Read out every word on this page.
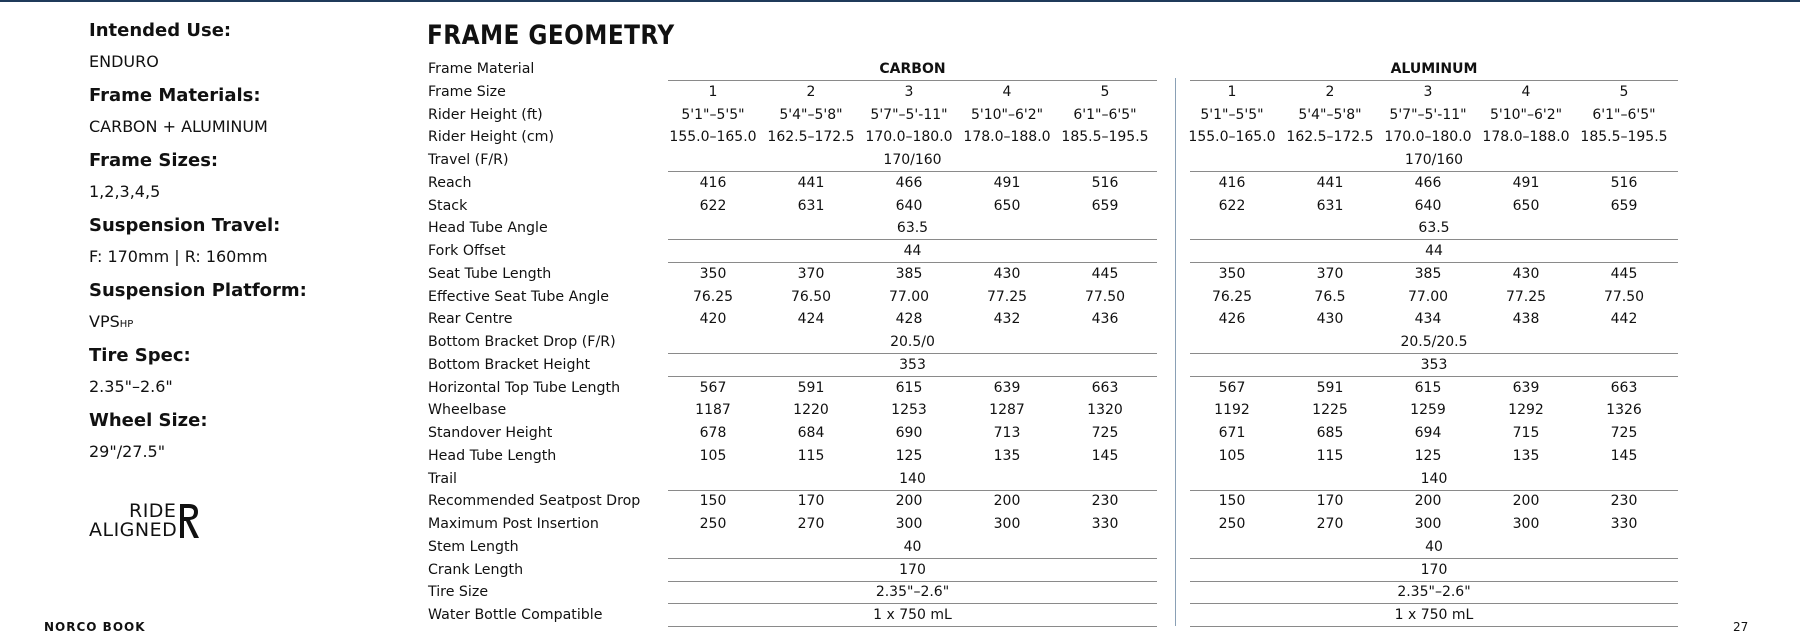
Intended Use:
ENDURO
Frame Materials:
CARBON + ALUMINUM
Frame Sizes:
1,2,3,4,5
Suspension Travel:
F: 170mm | R: 160mm
Suspension Platform:
VPSHP
Tire Spec:
2.35"–2.6"
Wheel Size:
29"/27.5"
RIDE
ALIGNED
NORCO BOOK	27
FRAME GEOMETRY
Frame Material	CARBON	ALUMINUM
Frame Size	1	2	3	4	5	1	2	3	4	5
Rider Height (ft)	5'1"–5'5"	5'4"–5'8"	5'7"–5'-11"	5'10"–6'2"	6'1"–6'5"	5'1"–5'5"	5'4"–5'8"	5'7"–5'-11"	5'10"–6'2"	6'1"–6'5"
Rider Height (cm)	155.0–165.0 162.5–172.5 170.0–180.0 178.0–188.0 185.5–195.5	155.0–165.0 162.5–172.5 170.0–180.0 178.0–188.0 185.5–195.5
Travel (F/R)	170/160	170/160
Reach	416	441	466	491	516	416	441	466	491	516
Stack	622	631	640	650	659	622	631	640	650	659
Head Tube Angle	63.5	63.5
Fork Offset	44	44
Seat Tube Length	350	370	385	430	445	350	370	385	430	445
Effective Seat Tube Angle	76.25	76.50	77.00	77.25	77.50	76.25	76.5	77.00	77.25	77.50
Rear Centre	420	424	428	432	436	426	430	434	438	442
Bottom Bracket Drop (F/R)	20.5/0	20.5/20.5
Bottom Bracket Height	353	353
Horizontal Top Tube Length	567	591	615	639	663	567	591	615	639	663
Wheelbase	1187	1220	1253	1287	1320	1192	1225	1259	1292	1326
Standover Height	678	684	690	713	725	671	685	694	715	725
Head Tube Length	105	115	125	135	145	105	115	125	135	145
Trail	140	140
Recommended Seatpost Drop	150	170	200	200	230	150	170	200	200	230
Maximum Post Insertion	250	270	300	300	330	250	270	300	300	330
Stem Length	40	40
Crank Length	170	170
Tire Size	2.35"–2.6"	2.35"–2.6"
Water Bottle Compatible	1 x 750 mL	1 x 750 mL
